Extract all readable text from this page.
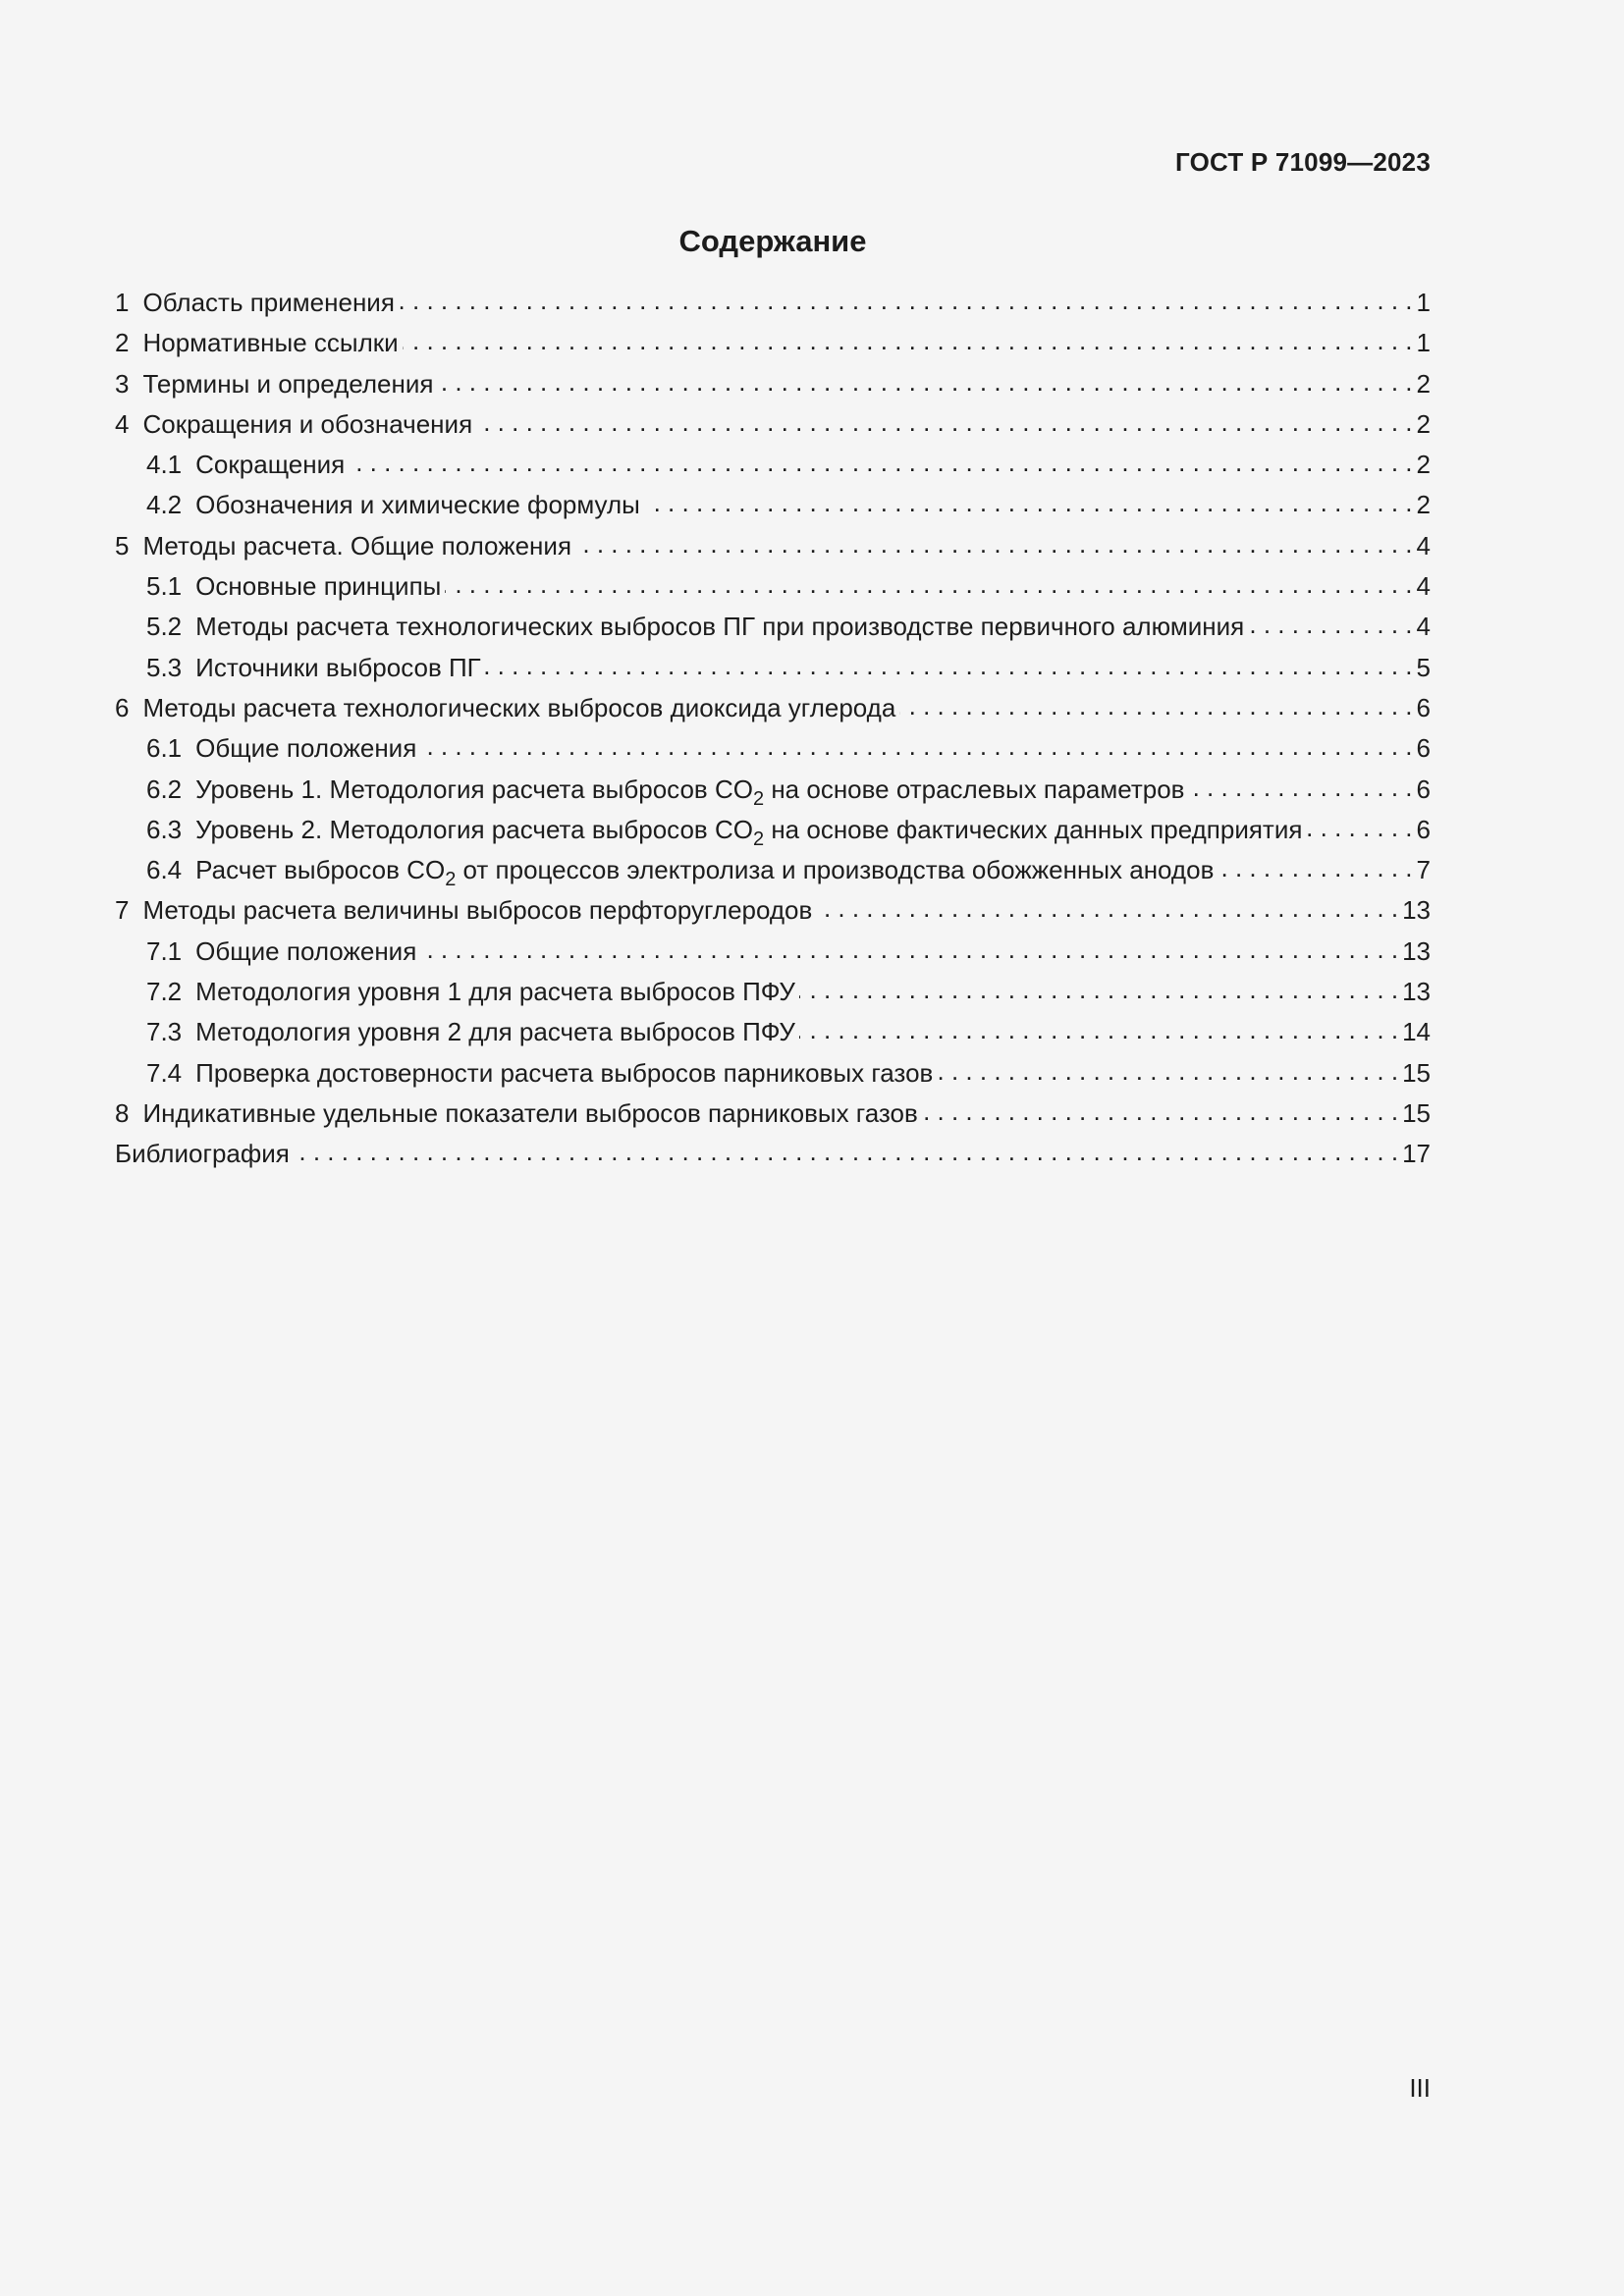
ГОСТ Р 71099—2023
Содержание
1 Область применения . . .	1
2 Нормативные ссылки . . .	1
3 Термины и определения . . .	2
4 Сокращения и обозначения . . .	2
4.1 Сокращения . . .	2
4.2 Обозначения и химические формулы . . .	2
5 Методы расчета. Общие положения . . .	4
5.1 Основные принципы . . .	4
5.2 Методы расчета технологических выбросов ПГ при производстве первичного алюминия . . .	4
5.3 Источники выбросов ПГ . . .	5
6 Методы расчета технологических выбросов диоксида углерода . . .	6
6.1 Общие положения . . .	6
6.2 Уровень 1. Методология расчета выбросов $CO_2$ на основе отраслевых параметров . . .	6
6.3 Уровень 2. Методология расчета выбросов $CO_2$ на основе фактических данных предприятия . . .	6
6.4 Расчет выбросов $CO_2$ от процессов электролиза и производства обожженных анодов . . .	7
7 Методы расчета величины выбросов перфторуглеродов . . .	13
7.1 Общие положения . . .	13
7.2 Методология уровня 1 для расчета выбросов ПФУ . . .	13
7.3 Методология уровня 2 для расчета выбросов ПФУ . . .	14
7.4 Проверка достоверности расчета выбросов парниковых газов . . .	15
8 Индикативные удельные показатели выбросов парниковых газов . . .	15
Библиография . . .	17
III
